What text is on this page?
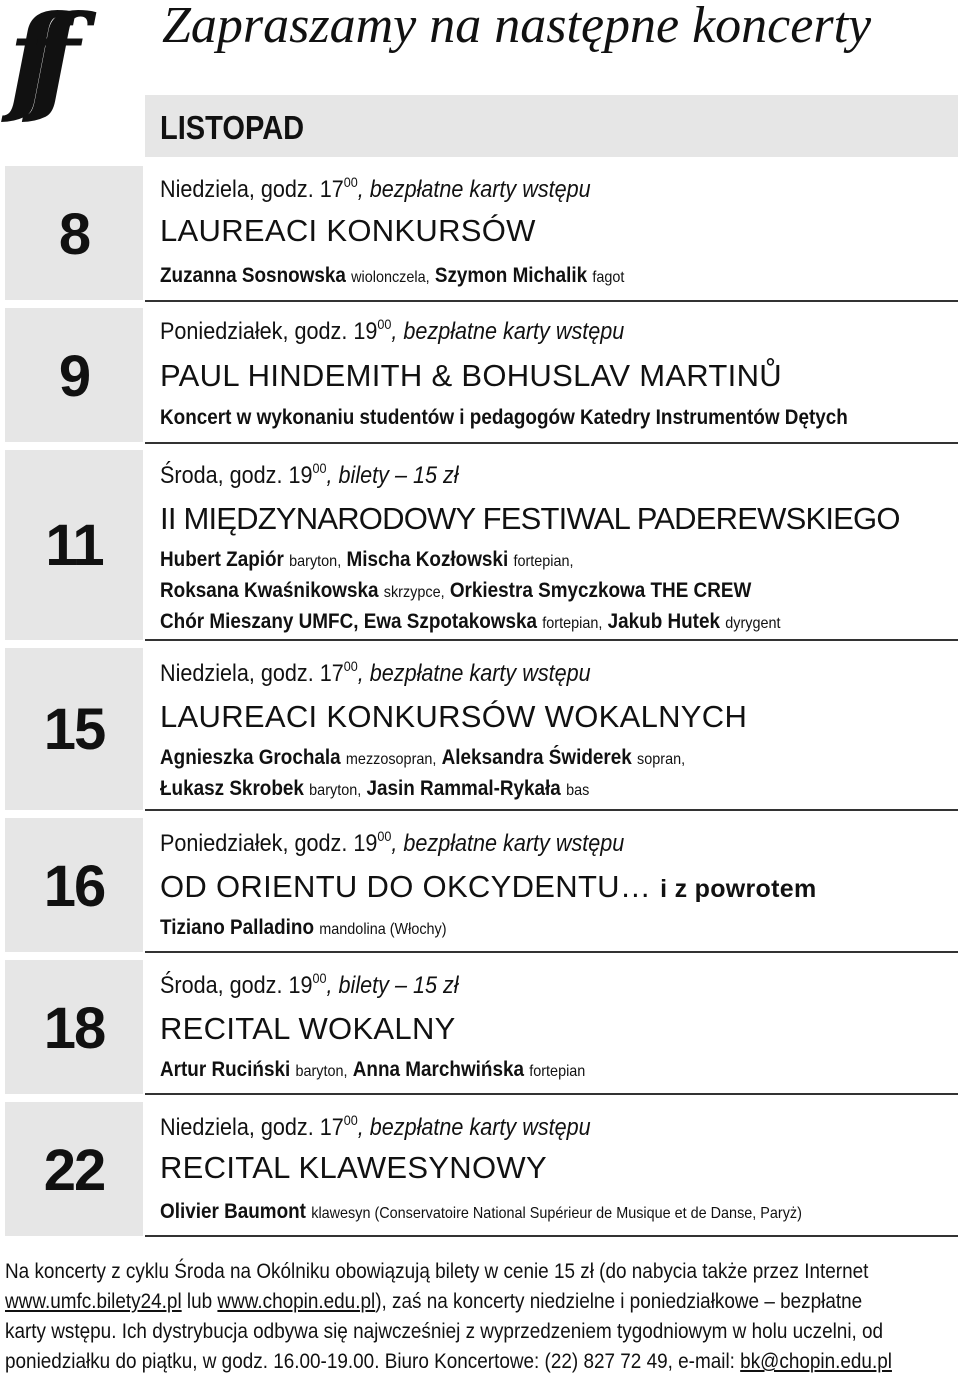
ff	Zapraszamy na następne koncerty
LISTOPAD
8
Niedziela, godz. $17^{00}$, bezpłatne karty wstępu
LAUREACI KONKURSÓW
Zuzanna Sosnowska wiolonczela, Szymon Michalik fagot
9
Poniedziałek, godz. $19^{00}$, bezpłatne karty wstępu
PAUL HINDEMITH & BOHUSLAV MARTINŮ
Koncert w wykonaniu studentów i pedagogów Katedry Instrumentów Dętych
11
Środa, godz. $19^{00}$, bilety – 15 zł
II MIĘDZYNARODOWY FESTIWAL PADEREWSKIEGO
Hubert Zapiór baryton, Mischa Kozłowski fortepian,
Roksana Kwaśnikowska skrzypce, Orkiestra Smyczkowa THE CREW
Chór Mieszany UMFC, Ewa Szpotakowska fortepian, Jakub Hutek dyrygent
15
Niedziela, godz. $17^{00}$, bezpłatne karty wstępu
LAUREACI KONKURSÓW WOKALNYCH
Agnieszka Grochala mezzosopran, Aleksandra Świderek sopran,
Łukasz Skrobek baryton, Jasin Rammal-Rykała bas
16
Poniedziałek, godz. $19^{00}$, bezpłatne karty wstępu
OD ORIENTU DO OKCYDENTU… i z powrotem
Tiziano Palladino mandolina (Włochy)
18
Środa, godz. $19^{00}$, bilety – 15 zł
RECITAL WOKALNY
Artur Ruciński baryton, Anna Marchwińska fortepian
22
Niedziela, godz. $17^{00}$, bezpłatne karty wstępu
RECITAL KLAWESYNOWY
Olivier Baumont klawesyn (Conservatoire National Supérieur de Musique et de Danse, Paryż)
Na koncerty z cyklu Środa na Okólniku obowiązują bilety w cenie 15 zł (do nabycia także przez Internet
www.umfc.bilety24.pl lub www.chopin.edu.pl), zaś na koncerty niedzielne i poniedziałkowe – bezpłatne
karty wstępu. Ich dystrybucja odbywa się najwcześniej z wyprzedzeniem tygodniowym w holu uczelni, od
poniedziałku do piątku, w godz. 16.00-19.00. Biuro Koncertowe: (22) 827 72 49, e-mail: bk@chopin.edu.pl
